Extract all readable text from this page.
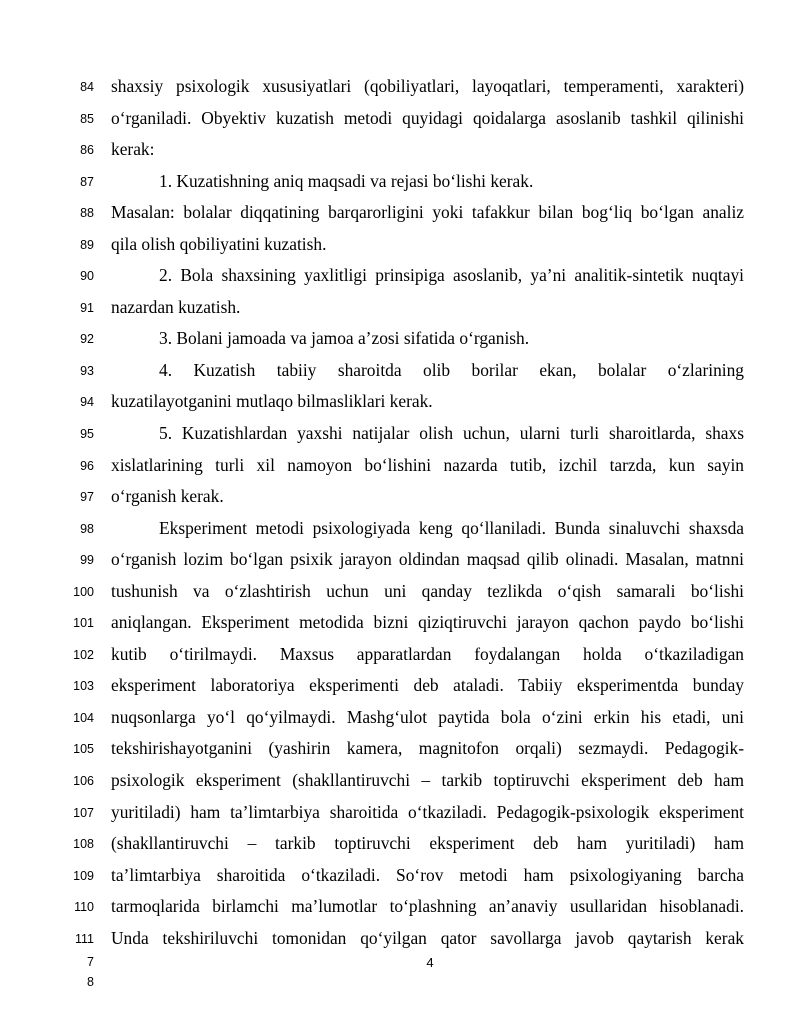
84 shaxsiy psixologik xususiyatlari (qobiliyatlari, layoqatlari, temperamenti, xarakteri)
85 o‘rganiladi. Obyektiv kuzatish metodi quyidagi qoidalarga asoslanib tashkil qilinishi
86 kerak:
87	1. Kuzatishning aniq maqsadi va rejasi bo‘lishi kerak.
88 Masalan: bolalar diqqatining barqarorligini yoki tafakkur bilan bog‘liq bo‘lgan analiz
89 qila olish qobiliyatini kuzatish.
90	2. Bola shaxsining yaxlitligi prinsipiga asoslanib, ya’ni analitik-sintetik nuqtayi
91 nazardan kuzatish.
92	3. Bolani jamoada va jamoa a’zosi sifatida o‘rganish.
93	4. Kuzatish tabiiy sharoitda olib borilar ekan, bolalar o‘zlarining
94 kuzatilayotganini mutlaqo bilmasliklari kerak.
95	5. Kuzatishlardan yaxshi natijalar olish uchun, ularni turli sharoitlarda, shaxs
96 xislatlarining turli xil namoyon bo‘lishini nazarda tutib, izchil tarzda, kun sayin
97 o‘rganish kerak.
98	Eksperiment metodi psixologiyada keng qo‘llaniladi. Bunda sinaluvchi shaxsda
99 o‘rganish lozim bo‘lgan psixik jarayon oldindan maqsad qilib olinadi. Masalan, matnni
100 tushunish va o‘zlashtirish uchun uni qanday tezlikda o‘qish samarali bo‘lishi
101 aniqlangan. Eksperiment metodida bizni qiziqtiruvchi jarayon qachon paydo bo‘lishi
102 kutib o‘tirilmaydi. Maxsus apparatlardan foydalangan holda o‘tkaziladigan
103 eksperiment laboratoriya eksperimenti deb ataladi. Tabiiy eksperimentda bunday
104 nuqsonlarga yo‘l qo‘yilmaydi. Mashg‘ulot paytida bola o‘zini erkin his etadi, uni
105 tekshirishayotganini (yashirin kamera, magnitofon orqali) sezmaydi. Pedagogik-
106 psixologik eksperiment (shakllantiruvchi – tarkib toptiruvchi eksperiment deb ham
107 yuritiladi) ham ta’limtarbiya sharoitida o‘tkaziladi. Pedagogik-psixologik eksperiment
108 (shakllantiruvchi – tarkib toptiruvchi eksperiment deb ham yuritiladi) ham
109 ta’limtarbiya sharoitida o‘tkaziladi. So‘rov metodi ham psixologiyaning barcha
110 tarmoqlarida birlamchi ma’lumotlar to‘plashning an’anaviy usullaridan hisoblanadi.
111 Unda tekshiriluvchi tomonidan qo‘yilgan qator savollarga javob qaytarish kerak
7
8
4
